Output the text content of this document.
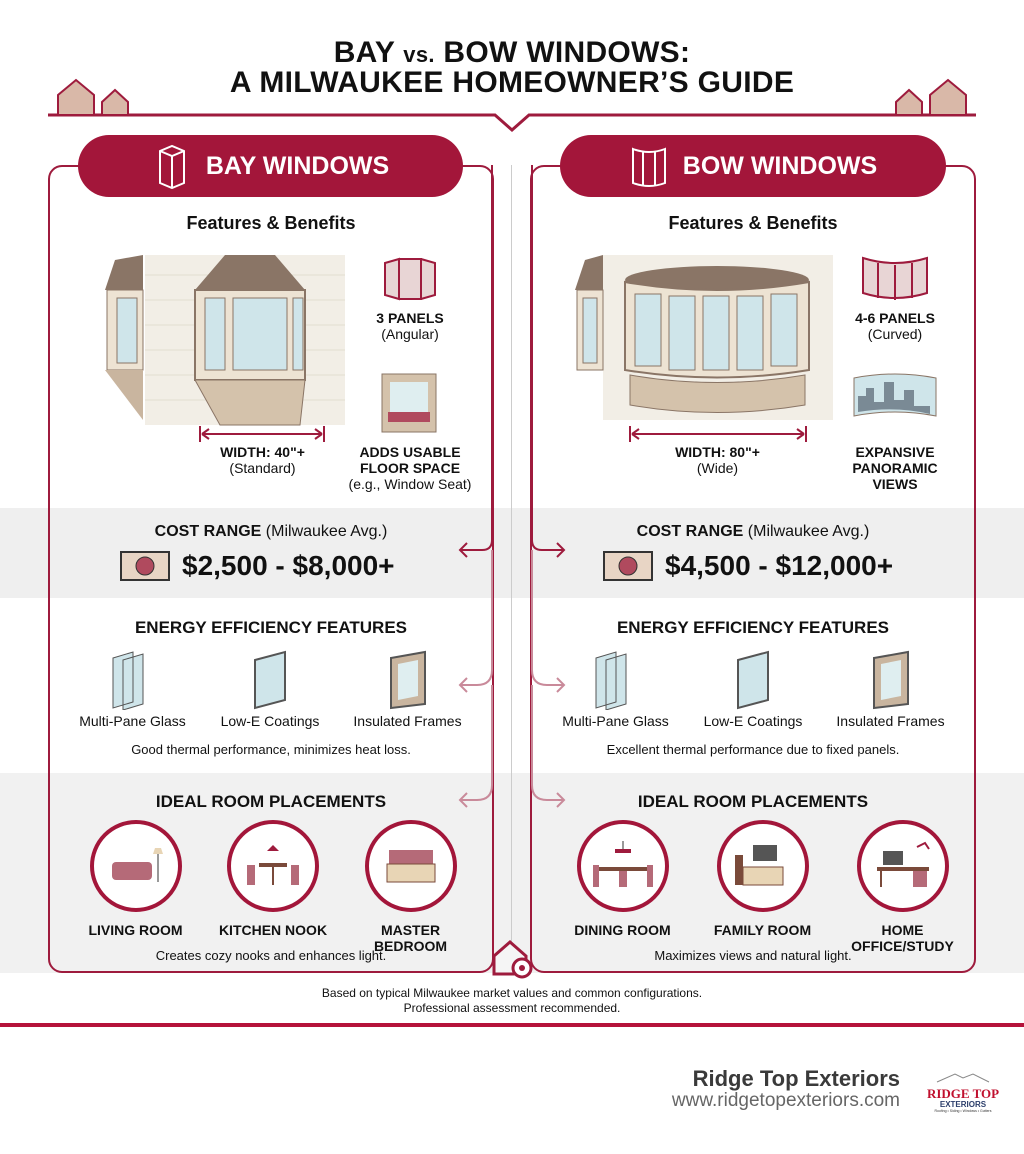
BAY vs. BOW WINDOWS:
A MILWAUKEE HOMEOWNER’S GUIDE
BAY WINDOWS	BOW WINDOWS
Features & Benefits
WIDTH: 40"+
(Standard)
3 PANELS
(Angular)
ADDS USABLE FLOOR SPACE
(e.g., Window Seat)
Features & Benefits
WIDTH: 80"+
(Wide)
4-6 PANELS
(Curved)
EXPANSIVE PANORAMIC VIEWS
COST RANGE (Milwaukee Avg.)
$2,500 - $8,000+
COST RANGE (Milwaukee Avg.)
$4,500 - $12,000+
ENERGY EFFICIENCY FEATURES	ENERGY EFFICIENCY FEATURES
Multi-Pane Glass	Low-E Coatings	Insulated Frames	Multi-Pane Glass	Low-E Coatings	Insulated Frames
Good thermal performance, minimizes heat loss.	Excellent thermal performance due to fixed panels.
IDEAL ROOM PLACEMENTS	IDEAL ROOM PLACEMENTS
LIVING ROOM	KITCHEN NOOK	MASTER BEDROOM
DINING ROOM	FAMILY ROOM	HOME OFFICE/STUDY
Creates cozy nooks and enhances light.	Maximizes views and natural light.
Based on typical Milwaukee market values and common configurations.
Professional assessment recommended.
Ridge Top Exteriors
www.ridgetopexteriors.com RIDGE TOP
EXTERIORS
Roofing • Siding • Windows • Gutters
